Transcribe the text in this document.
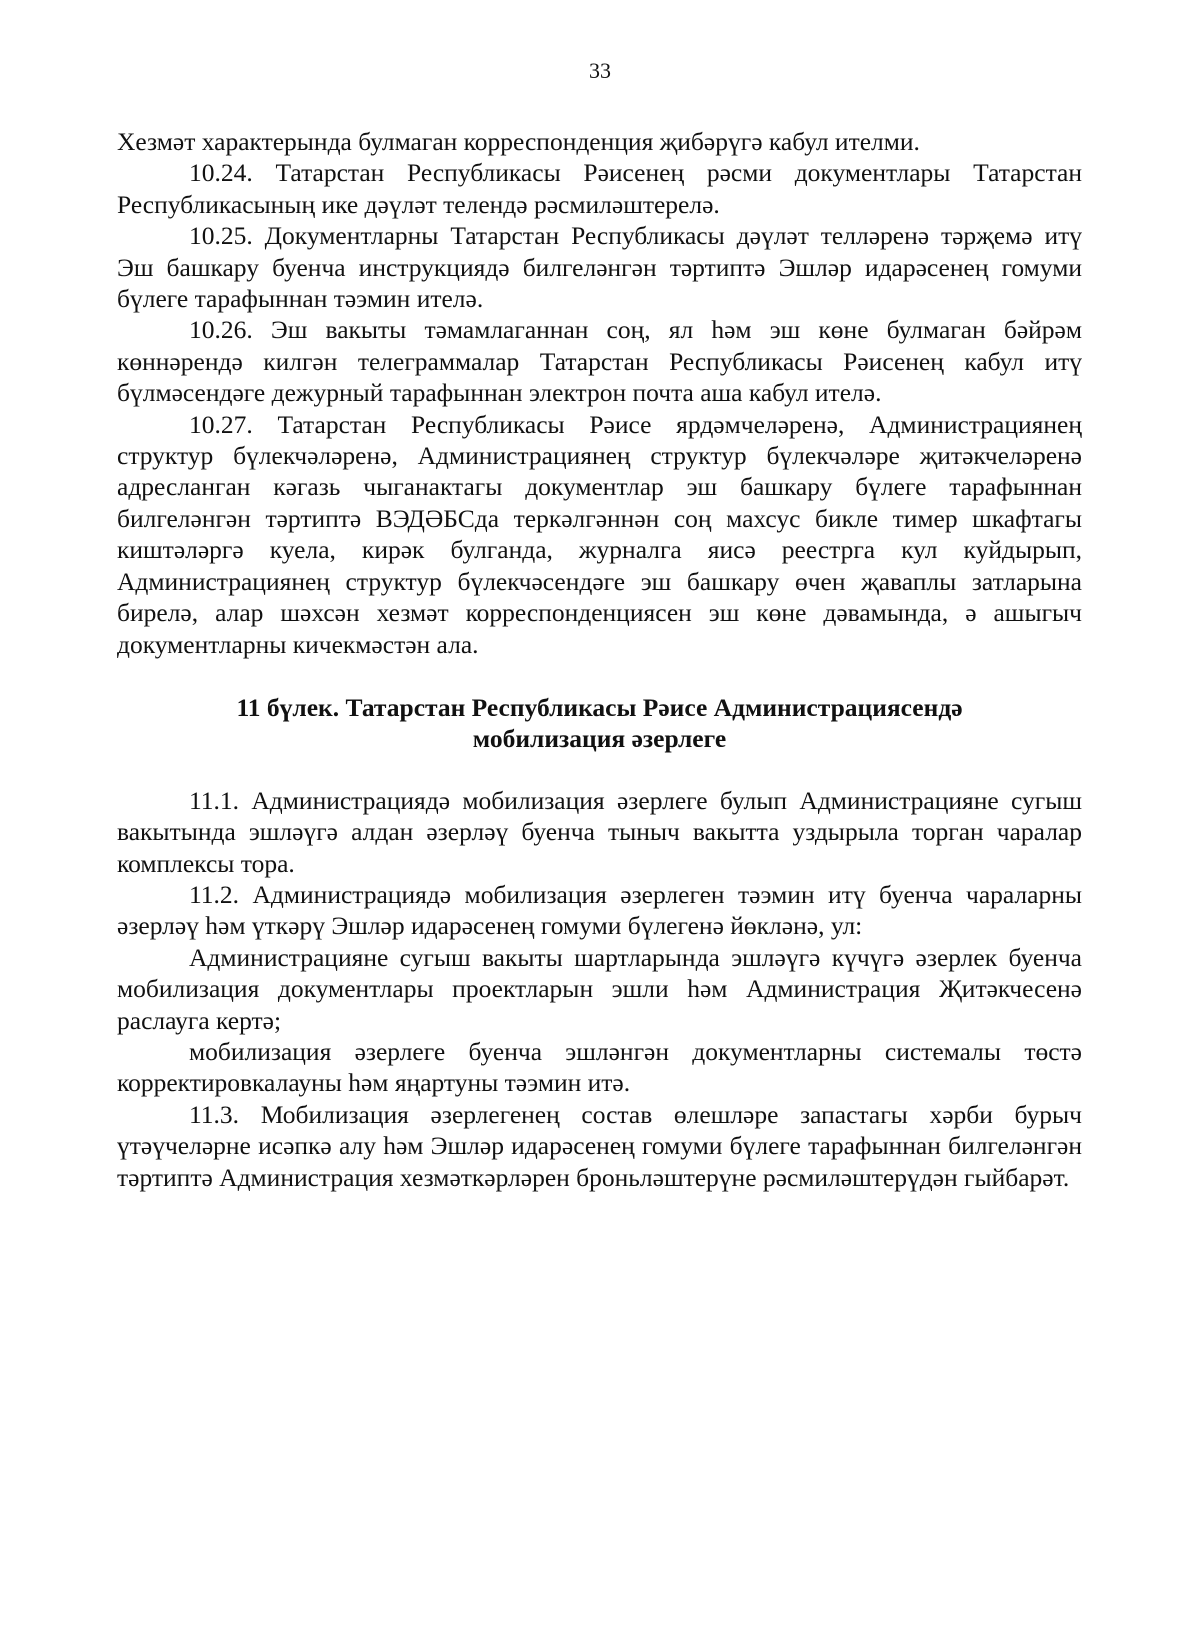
33

Хезмәт характерында булмаган корреспонденция җибәрүгә кабул ителми.

10.24. Татарстан Республикасы Рәисенең рәсми документлары Татарстан Республикасының ике дәүләт телендә рәсмиләштерелә.

10.25. Документларны Татарстан Республикасы дәүләт телләренә тәрҗемә итү Эш башкару буенча инструкциядә билгеләнгән тәртиптә Эшләр идарәсенең гомуми бүлеге тарафыннан тәэмин ителә.

10.26. Эш вакыты тәмамлаганнан соң, ял һәм эш көне булмаган бәйрәм көннәрендә килгән телеграммалар Татарстан Республикасы Рәисенең кабул итү бүлмәсендәге дежурный тарафыннан электрон почта аша кабул ителә.

10.27. Татарстан Республикасы Рәисе ярдәмчеләренә, Администрациянең структур бүлекчәләренә, Администрациянең структур бүлекчәләре җитәкчеләренә адресланган кәгазь чыганактагы документлар эш башкару бүлеге тарафыннан билгеләнгән тәртиптә ВЭДӘБСда теркәлгәннән соң махсус бикле тимер шкафтагы киштәләргә куела, кирәк булганда, журналга яисә реестрга кул куйдырып, Администрациянең структур бүлекчәсендәге эш башкару өчен җаваплы затларына бирелә, алар шәхсән хезмәт корреспонденциясен эш көне дәвамында, ә ашыгыч документларны кичекмәстән ала.

11 бүлек. Татарстан Республикасы Рәисе Администрациясендә
мобилизация әзерлеге

11.1. Администрациядә мобилизация әзерлеге булып Администрацияне сугыш вакытында эшләүгә алдан әзерләү буенча тыныч вакытта уздырыла торган чаралар комплексы тора.

11.2. Администрациядә мобилизация әзерлеген тәэмин итү буенча чараларны әзерләү һәм үткәрү Эшләр идарәсенең гомуми бүлегенә йөкләнә, ул:

Администрацияне сугыш вакыты шартларында эшләүгә күчүгә әзерлек буенча мобилизация документлары проектларын эшли һәм Администрация Җитәкчесенә раслауга кертә;

мобилизация әзерлеге буенча эшләнгән документларны системалы төстә корректировкалауны һәм яңартуны тәэмин итә.

11.3. Мобилизация әзерлегенең состав өлешләре запастагы хәрби бурыч үтәүчеләрне исәпкә алу һәм Эшләр идарәсенең гомуми бүлеге тарафыннан билгеләнгән тәртиптә Администрация хезмәткәрләрен броньләштерүне рәсмиләштерүдән гыйбарәт.
